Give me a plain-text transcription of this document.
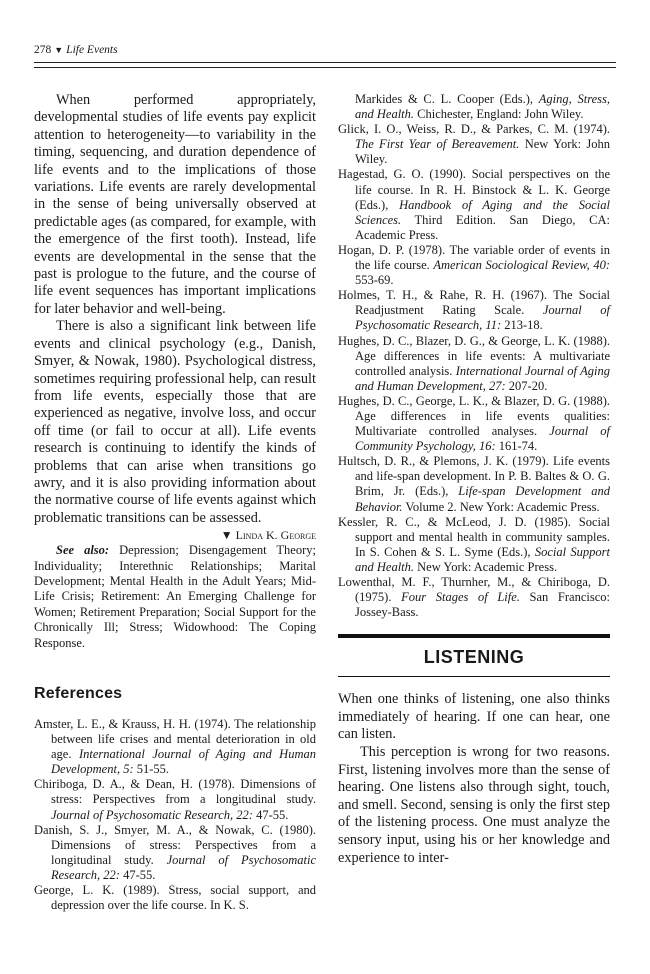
278 ▼ Life Events

When performed appropriately, developmental studies of life events pay explicit attention to heterogeneity—to variability in the timing, sequencing, and duration dependence of life events and to the implications of those variations. Life events are rarely developmental in the sense of being universally observed at predictable ages (as compared, for example, with the emergence of the first tooth). Instead, life events are developmental in the sense that the past is prologue to the future, and the course of life event sequences has important implications for later behavior and well-being.

There is also a significant link between life events and clinical psychology (e.g., Danish, Smyer, & Nowak, 1980). Psychological distress, sometimes requiring professional help, can result from life events, especially those that are experienced as negative, involve loss, and occur off time (or fail to occur at all). Life events research is continuing to identify the kinds of problems that can arise when transitions go awry, and it is also providing information about the normative course of life events against which problematic transitions can be assessed.

▼ Linda K. George

See also: Depression; Disengagement Theory; Individuality; Interethnic Relationships; Marital Development; Mental Health in the Adult Years; Mid-Life Crisis; Retirement: An Emerging Challenge for Women; Retirement Preparation; Social Support for the Chronically Ill; Stress; Widowhood: The Coping Response.

References

Amster, L. E., & Krauss, H. H. (1974). The relationship between life crises and mental deterioration in old age. International Journal of Aging and Human Development, 5: 51-55.

Chiriboga, D. A., & Dean, H. (1978). Dimensions of stress: Perspectives from a longitudinal study. Journal of Psychosomatic Research, 22: 47-55.

Danish, S. J., Smyer, M. A., & Nowak, C. (1980). Dimensions of stress: Perspectives from a longitudinal study. Journal of Psychosomatic Research, 22: 47-55.

George, L. K. (1989). Stress, social support, and depression over the life course. In K. S.

Markides & C. L. Cooper (Eds.), Aging, Stress, and Health. Chichester, England: John Wiley.

Glick, I. O., Weiss, R. D., & Parkes, C. M. (1974). The First Year of Bereavement. New York: John Wiley.

Hagestad, G. O. (1990). Social perspectives on the life course. In R. H. Binstock & L. K. George (Eds.), Handbook of Aging and the Social Sciences. Third Edition. San Diego, CA: Academic Press.

Hogan, D. P. (1978). The variable order of events in the life course. American Sociological Review, 40: 553-69.

Holmes, T. H., & Rahe, R. H. (1967). The Social Readjustment Rating Scale. Journal of Psychosomatic Research, 11: 213-18.

Hughes, D. C., Blazer, D. G., & George, L. K. (1988). Age differences in life events: A multivariate controlled analysis. International Journal of Aging and Human Development, 27: 207-20.

Hughes, D. C., George, L. K., & Blazer, D. G. (1988). Age differences in life events qualities: Multivariate controlled analyses. Journal of Community Psychology, 16: 161-74.

Hultsch, D. R., & Plemons, J. K. (1979). Life events and life-span development. In P. B. Baltes & O. G. Brim, Jr. (Eds.), Life-span Development and Behavior. Volume 2. New York: Academic Press.

Kessler, R. C., & McLeod, J. D. (1985). Social support and mental health in community samples. In S. Cohen & S. L. Syme (Eds.), Social Support and Health. New York: Academic Press.

Lowenthal, M. F., Thurnher, M., & Chiriboga, D. (1975). Four Stages of Life. San Francisco: Jossey-Bass.

LISTENING

When one thinks of listening, one also thinks immediately of hearing. If one can hear, one can listen.

This perception is wrong for two reasons. First, listening involves more than the sense of hearing. One listens also through sight, touch, and smell. Second, sensing is only the first step of the listening process. One must analyze the sensory input, using his or her knowledge and experience to inter-
